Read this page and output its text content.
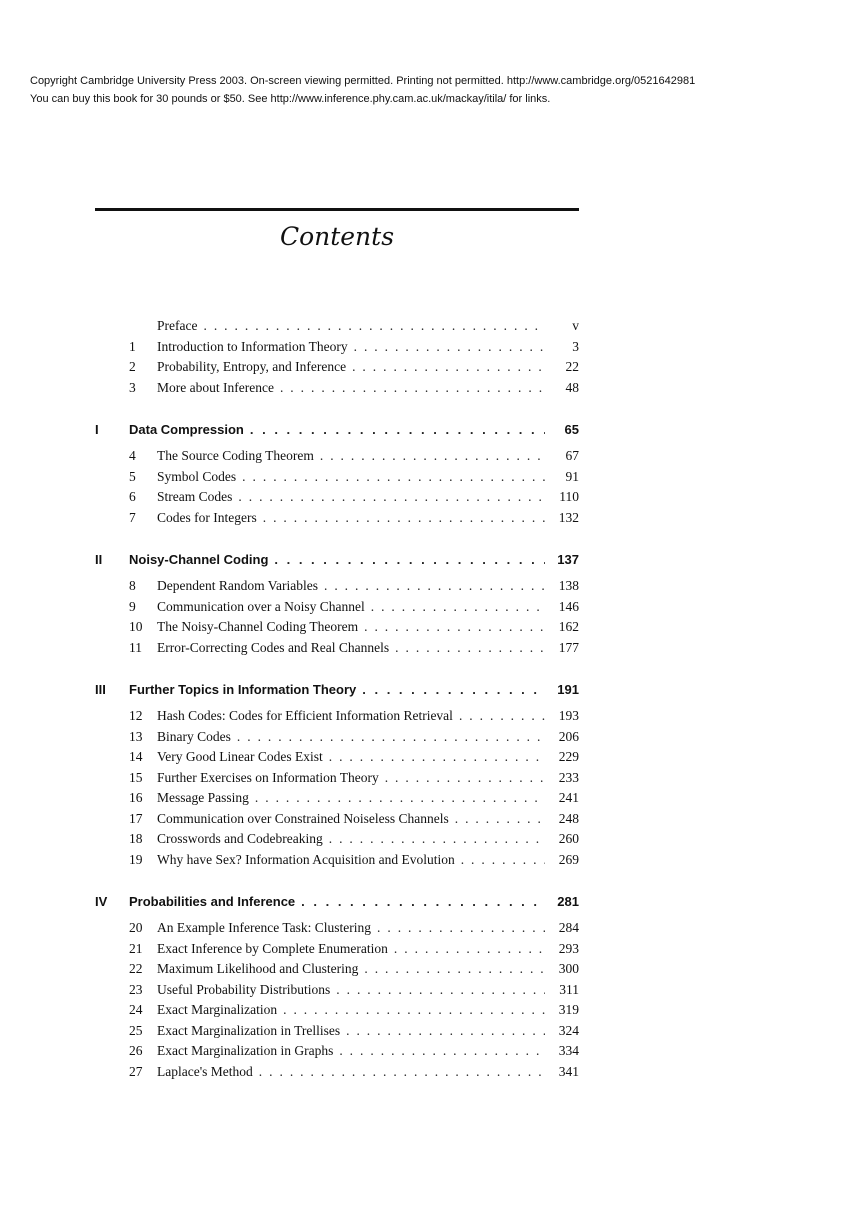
Copyright Cambridge University Press 2003. On-screen viewing permitted. Printing not permitted. http://www.cambridge.org/0521642981
You can buy this book for 30 pounds or $50. See http://www.inference.phy.cam.ac.uk/mackay/itila/ for links.
Contents
Preface . . .	v
1 Introduction to Information Theory . . .	3
2 Probability, Entropy, and Inference . . .	22
3 More about Inference . . .	48
I Data Compression . . .	65
4 The Source Coding Theorem . . .	67
5 Symbol Codes . . .	91
6 Stream Codes . . .	110
7 Codes for Integers . . .	132
II Noisy-Channel Coding . . .	137
8 Dependent Random Variables . . .	138
9 Communication over a Noisy Channel . . .	146
10 The Noisy-Channel Coding Theorem . . .	162
11 Error-Correcting Codes and Real Channels . . .	177
III Further Topics in Information Theory . . .	191
12 Hash Codes: Codes for Efficient Information Retrieval . . .	193
13 Binary Codes . . .	206
14 Very Good Linear Codes Exist . . .	229
15 Further Exercises on Information Theory . . .	233
16 Message Passing . . .	241
17 Communication over Constrained Noiseless Channels . . .	248
18 Crosswords and Codebreaking . . .	260
19 Why have Sex? Information Acquisition and Evolution . . .	269
IV Probabilities and Inference . . .	281
20 An Example Inference Task: Clustering . . .	284
21 Exact Inference by Complete Enumeration . . .	293
22 Maximum Likelihood and Clustering . . .	300
23 Useful Probability Distributions . . .	311
24 Exact Marginalization . . .	319
25 Exact Marginalization in Trellises . . .	324
26 Exact Marginalization in Graphs . . .	334
27 Laplace's Method . . .	341
